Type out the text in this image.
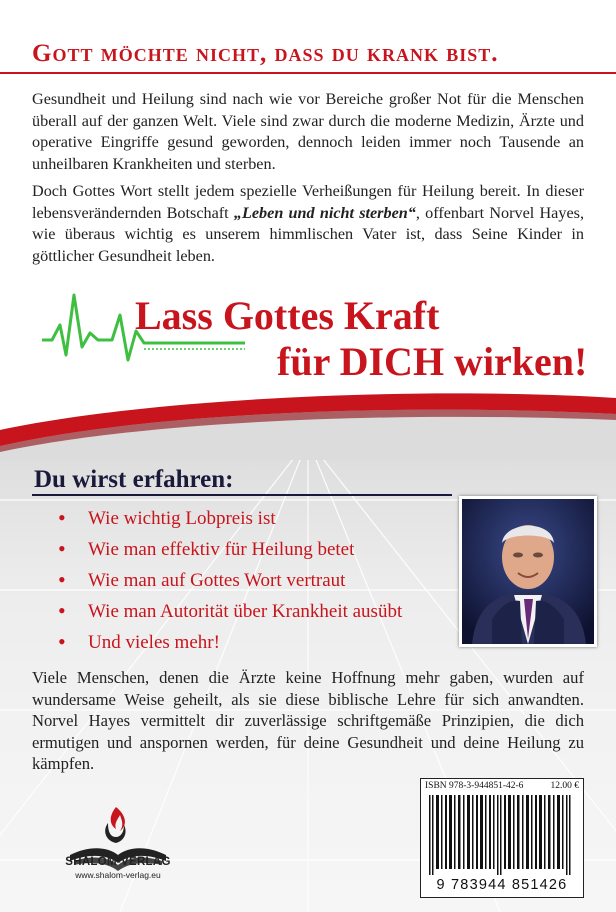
Gott möchte nicht, dass du krank bist.

Gesundheit und Heilung sind nach wie vor Bereiche großer Not für die Menschen überall auf der ganzen Welt. Viele sind zwar durch die moderne Medizin, Ärzte und operative Eingriffe gesund geworden, dennoch leiden immer noch Tausende an unheilbaren Krankheiten und sterben.

Doch Gottes Wort stellt jedem spezielle Verheißungen für Heilung bereit. In dieser lebensverändernden Botschaft „Leben und nicht sterben“, offenbart Norvel Hayes, wie überaus wichtig es unserem himmlischen Vater ist, dass Seine Kinder in göttlicher Gesundheit leben.

Lass Gottes Kraft
für DICH wirken!
Du wirst erfahren:
• Wie wichtig Lobpreis ist
• Wie man effektiv für Heilung betet
• Wie man auf Gottes Wort vertraut
• Wie man Autorität über Krankheit ausübt
• Und vieles mehr!

Viele Menschen, denen die Ärzte keine Hoffnung mehr gaben, wurden auf wundersame Weise geheilt, als sie diese biblische Lehre für sich anwandten. Norvel Hayes vermittelt dir zuverlässige schriftgemäße Prinzipien, die dich ermutigen und anspornen werden, für deine Gesundheit und deine Heilung zu kämpfen.

SHALOM-VERLAG
www.shalom-verlag.eu
ISBN 978-3-944851-42-6	12.00 €
9 783944 851426
